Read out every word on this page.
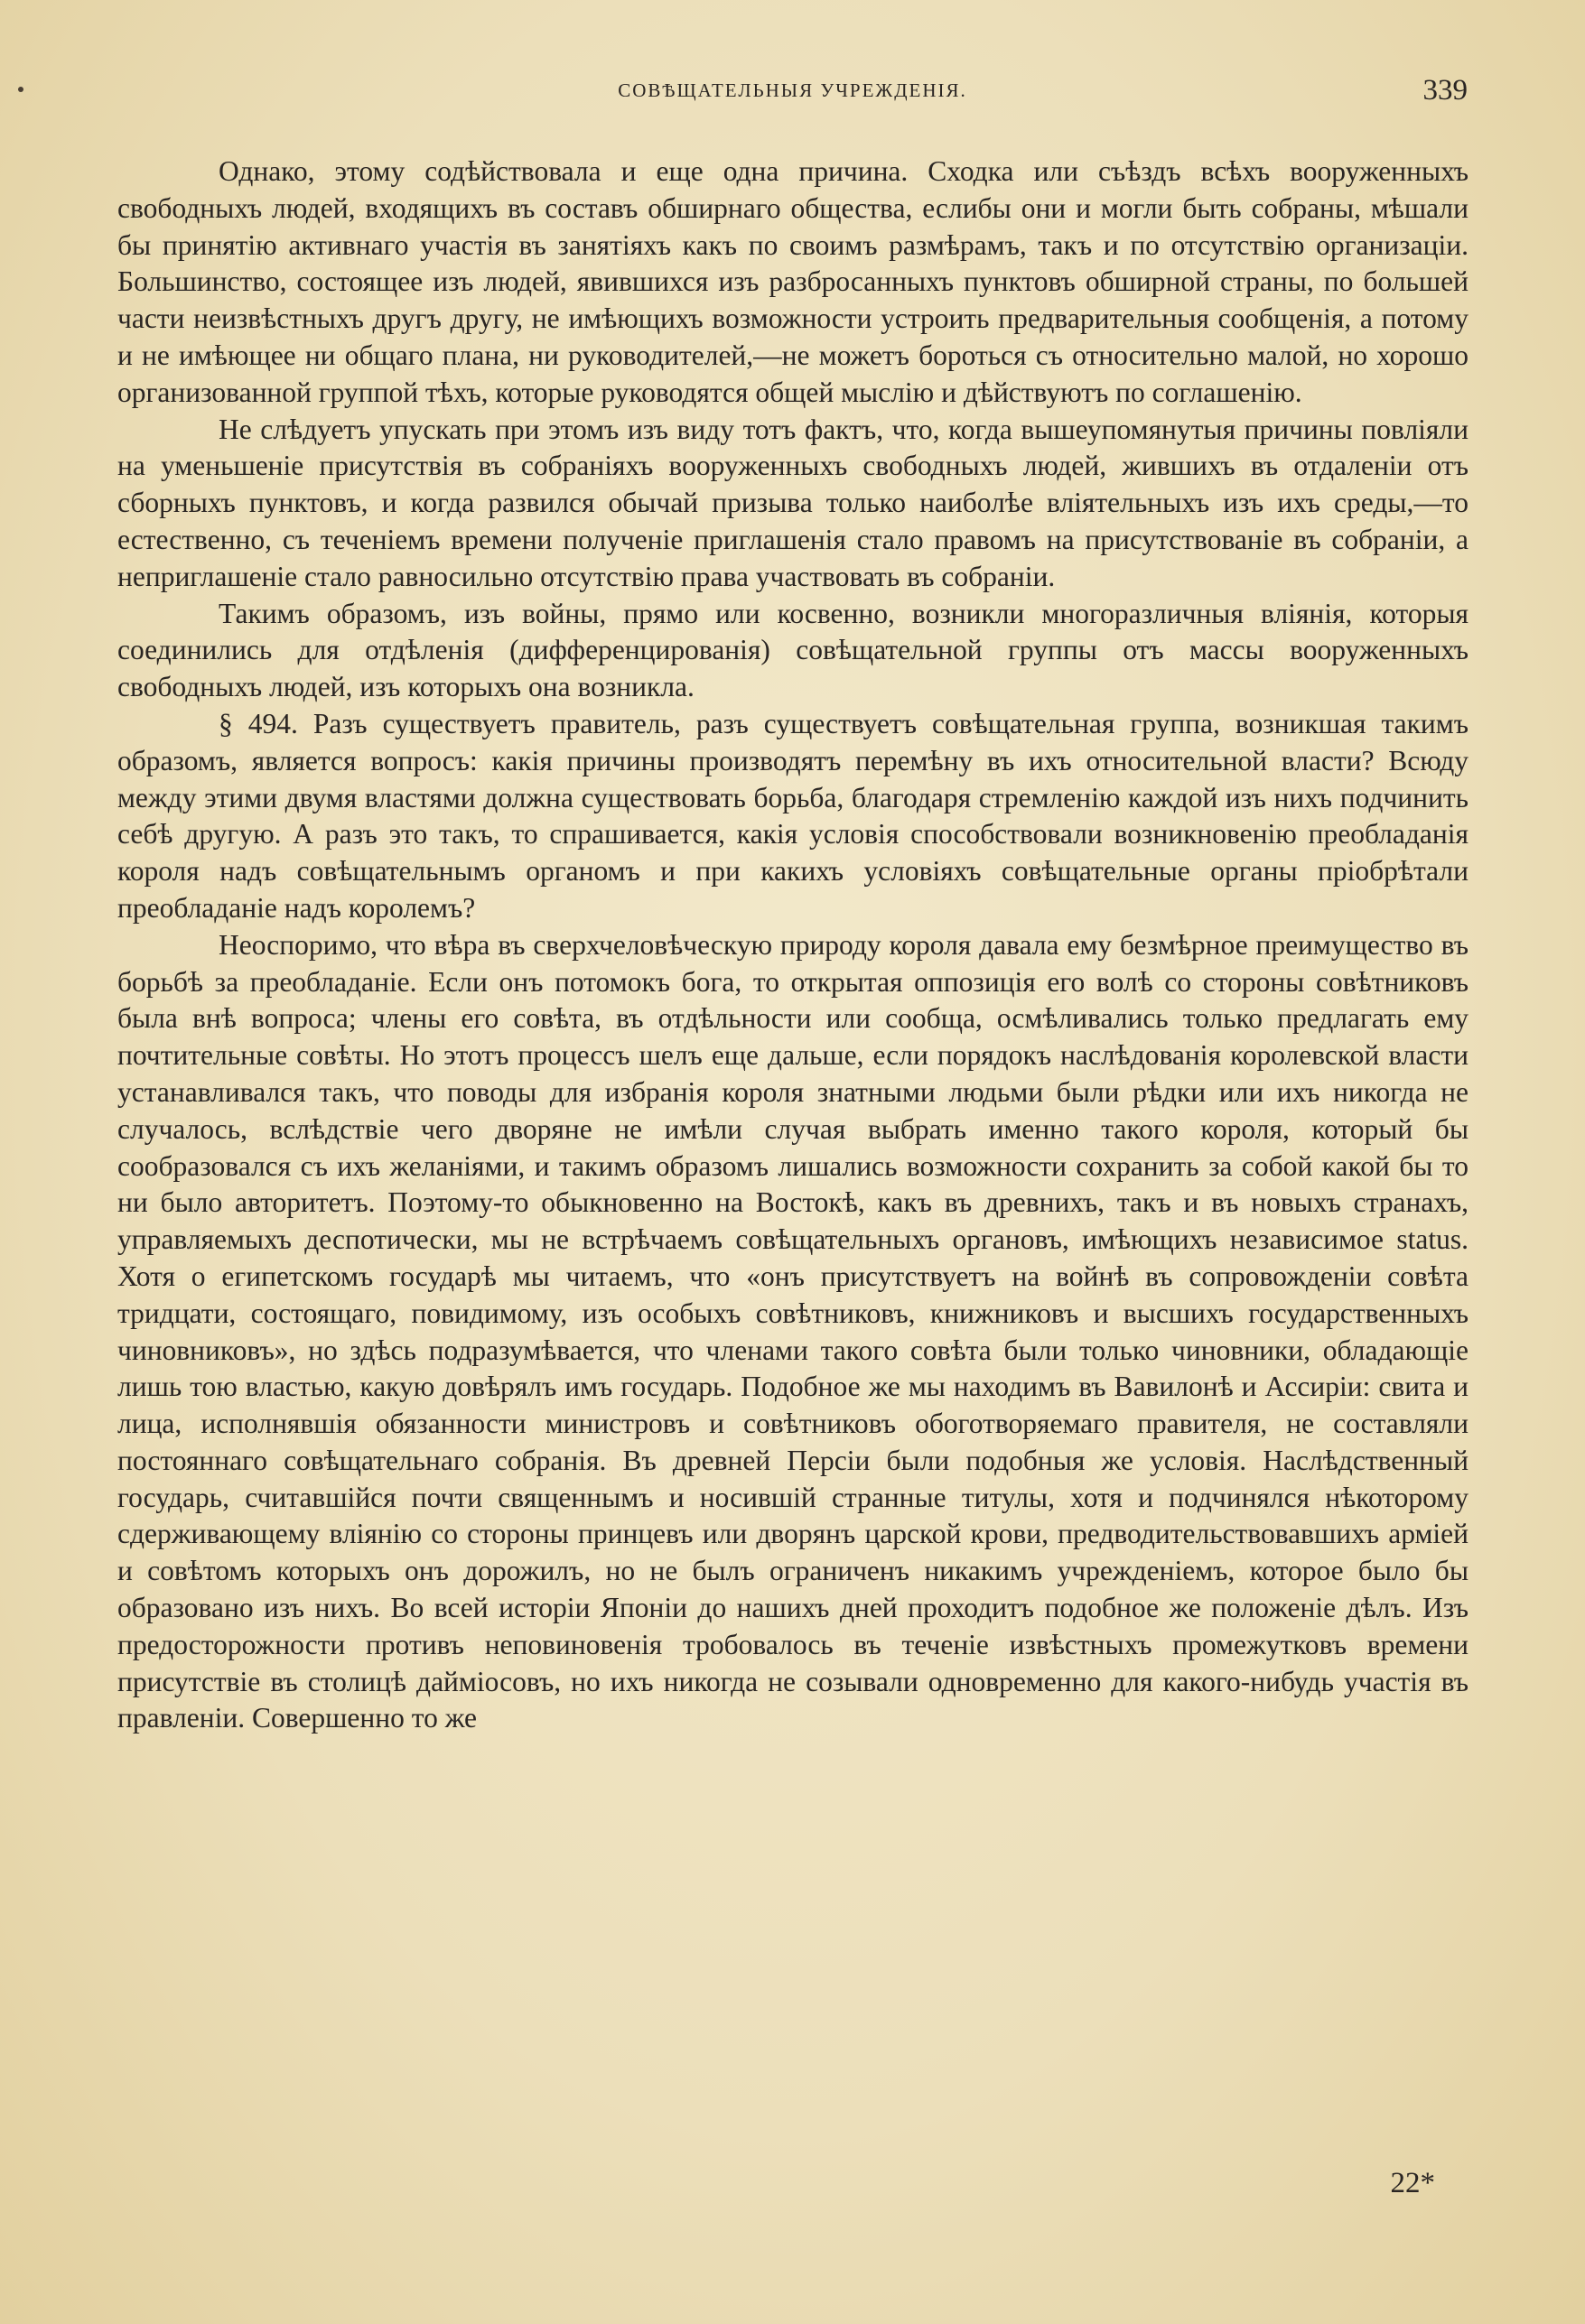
СОВѢЩАТЕЛЬНЫЯ УЧРЕЖДЕНІЯ.	339

Однако, этому содѣйствовала и еще одна причина. Сходка или съѣздъ всѣхъ вооруженныхъ свободныхъ людей, входящихъ въ составъ обширнаго общества, еслибы они и могли быть собраны, мѣшали бы принятію активнаго участія въ занятіяхъ какъ по своимъ размѣрамъ, такъ и по отсутствію организаціи. Большинство, состоящее изъ людей, явившихся изъ разбросанныхъ пунктовъ обширной страны, по большей части неизвѣстныхъ другъ другу, не имѣющихъ возможности устроить предварительныя сообщенія, а потому и не имѣющее ни общаго плана, ни руководителей,—не можетъ бороться съ относительно малой, но хорошо организованной группой тѣхъ, которые руководятся общей мыслію и дѣйствуютъ по соглашенію.

Не слѣдуетъ упускать при этомъ изъ виду тотъ фактъ, что, когда вышеупомянутыя причины повліяли на уменьшеніе присутствія въ собраніяхъ вооруженныхъ свободныхъ людей, жившихъ въ отдаленіи отъ сборныхъ пунктовъ, и когда развился обычай призыва только наиболѣе вліятельныхъ изъ ихъ среды,—то естественно, съ теченіемъ времени полученіе приглашенія стало правомъ на присутствованіе въ собраніи, а неприглашеніе стало равносильно отсутствію права участвовать въ собраніи.

Такимъ образомъ, изъ войны, прямо или косвенно, возникли многоразличныя вліянія, которыя соединились для отдѣленія (дифференцированія) совѣщательной группы отъ массы вооруженныхъ свободныхъ людей, изъ которыхъ она возникла.

§ 494. Разъ существуетъ правитель, разъ существуетъ совѣщательная группа, возникшая такимъ образомъ, является вопросъ: какія причины производятъ перемѣну въ ихъ относительной власти? Всюду между этими двумя властями должна существовать борьба, благодаря стремленію каждой изъ нихъ подчинить себѣ другую. А разъ это такъ, то спрашивается, какія условія способствовали возникновенію преобладанія короля надъ совѣщательнымъ органомъ и при какихъ условіяхъ совѣщательные органы пріобрѣтали преобладаніе надъ королемъ?

Неоспоримо, что вѣра въ сверхчеловѣческую природу короля давала ему безмѣрное преимущество въ борьбѣ за преобладаніе. Если онъ потомокъ бога, то открытая оппозиція его волѣ со стороны совѣтниковъ была внѣ вопроса; члены его совѣта, въ отдѣльности или сообща, осмѣливались только предлагать ему почтительные совѣты. Но этотъ процессъ шелъ еще дальше, если порядокъ наслѣдованія королевской власти устанавливался такъ, что поводы для избранія короля знатными людьми были рѣдки или ихъ никогда не случалось, вслѣдствіе чего дворяне не имѣли случая выбрать именно такого короля, который бы сообразовался съ ихъ желаніями, и такимъ образомъ лишались возможности сохранить за собой какой бы то ни было авторитетъ. Поэтому-то обыкновенно на Востокѣ, какъ въ древнихъ, такъ и въ новыхъ странахъ, управляемыхъ деспотически, мы не встрѣчаемъ совѣщательныхъ органовъ, имѣющихъ независимое status. Хотя о египетскомъ государѣ мы читаемъ, что «онъ присутствуетъ на войнѣ въ сопровожденіи совѣта тридцати, состоящаго, повидимому, изъ особыхъ совѣтниковъ, книжниковъ и высшихъ государственныхъ чиновниковъ», но здѣсь подразумѣвается, что членами такого совѣта были только чиновники, обладающіе лишь тою властью, какую довѣрялъ имъ государь. Подобное же мы находимъ въ Вавилонѣ и Ассиріи: свита и лица, исполнявшія обязанности министровъ и совѣтниковъ обоготворяемаго правителя, не составляли постояннаго совѣщательнаго собранія. Въ древней Персіи были подобныя же условія. Наслѣдственный государь, считавшійся почти священнымъ и носившій странные титулы, хотя и подчинялся нѣкоторому сдерживающему вліянію со стороны принцевъ или дворянъ царской крови, предводительствовавшихъ арміей и совѣтомъ которыхъ онъ дорожилъ, но не былъ ограниченъ никакимъ учрежденіемъ, которое было бы образовано изъ нихъ. Во всей исторіи Японіи до нашихъ дней проходитъ подобное же положеніе дѣлъ. Изъ предосторожности противъ неповиновенія тробовалось въ теченіе извѣстныхъ промежутковъ времени присутствіе въ столицѣ даймiосовъ, но ихъ никогда не созывали одновременно для какого-нибудь участія въ правленіи. Совершенно то же

22*
